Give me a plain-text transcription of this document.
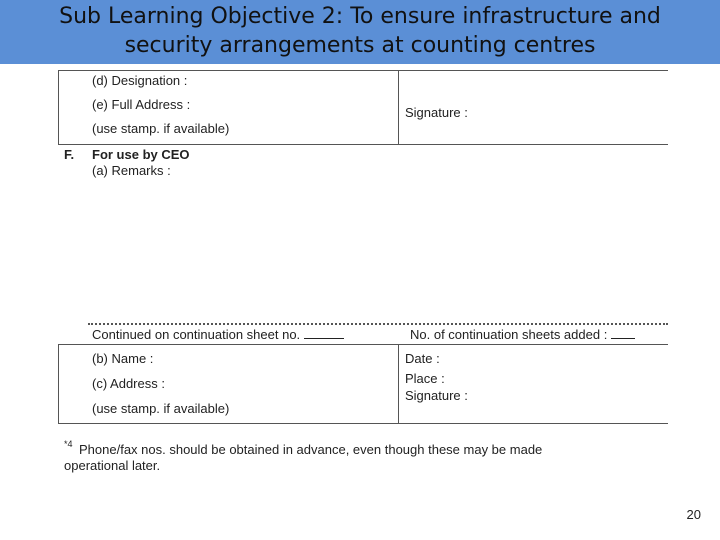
Sub Learning Objective 2: To ensure infrastructure and
security arrangements at counting centres
(d) Designation :
(e) Full Address :
(use stamp. if available)
Signature :
F. For use by CEO
(a) Remarks :
Continued on continuation sheet no.	No. of continuation sheets added :
(b) Name :
(c) Address :
(use stamp. if available)
Date :
Place :
Signature :
*4 Phone/fax nos. should be obtained in advance, even though these may be made
operational later.
20
